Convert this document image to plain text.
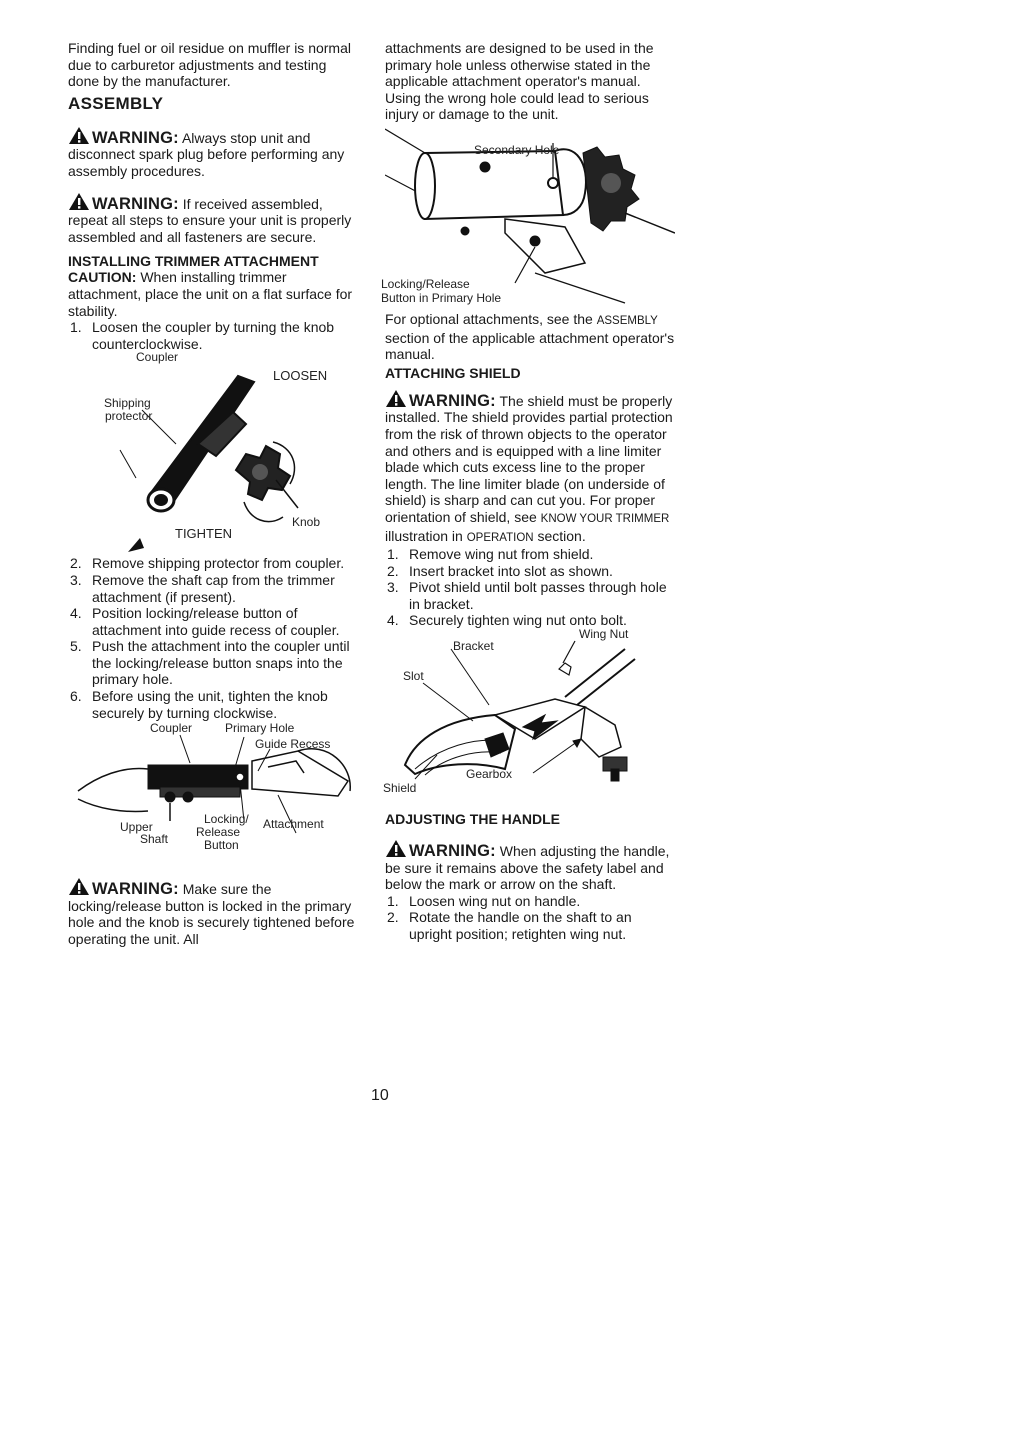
Finding fuel or oil residue on muffler is normal due to carburetor adjustments and testing done by the manufacturer.

ASSEMBLY

WARNING: Always stop unit and disconnect spark plug before performing any assembly procedures.

WARNING: If received assembled, repeat all steps to ensure your unit is properly assembled and all fasteners are secure.

INSTALLING TRIMMER ATTACHMENT

CAUTION: When installing trimmer attachment, place the unit on a flat surface for stability.

1. Loosen the coupler by turning the knob counterclockwise.
Coupler
Shipping
protector
LOOSEN
TIGHTEN
Knob
2. Remove shipping protector from coupler.
3. Remove the shaft cap from the trimmer attachment (if present).
4. Position locking/release button of attachment into guide recess of coupler.
5. Push the attachment into the coupler until the locking/release button snaps into the primary hole.
6. Before using the unit, tighten the knob securely by turning clockwise.
Coupler	Primary Hole
Guide Recess
Upper
Shaft
Locking/
Release
Button
Attachment

WARNING: Make sure the locking/release button is locked in the primary hole and the knob is securely tightened before operating the unit. All

attachments are designed to be used in the primary hole unless otherwise stated in the applicable attachment operator's manual. Using the wrong hole could lead to serious injury or damage to the unit.

Secondary Hole
Locking/Release
Button in Primary Hole

For optional attachments, see the ASSEMBLY section of the applicable attachment operator's manual.

ATTACHING SHIELD

WARNING: The shield must be properly installed. The shield provides partial protection from the risk of thrown objects to the operator and others and is equipped with a line limiter blade which cuts excess line to the proper length. The line limiter blade (on underside of shield) is sharp and can cut you. For proper orientation of shield, see KNOW YOUR TRIMMER illustration in OPERATION section.

1. Remove wing nut from shield.
2. Insert bracket into slot as shown.
3. Pivot shield until bolt passes through hole in bracket.
4. Securely tighten wing nut onto bolt.
Wing Nut
Bracket
Slot
Gearbox
Shield
ADJUSTING THE HANDLE

WARNING: When adjusting the handle, be sure it remains above the safety label and below the mark or arrow on the shaft.

1. Loosen wing nut on handle.
2. Rotate the handle on the shaft to an upright position; retighten wing nut.
10
